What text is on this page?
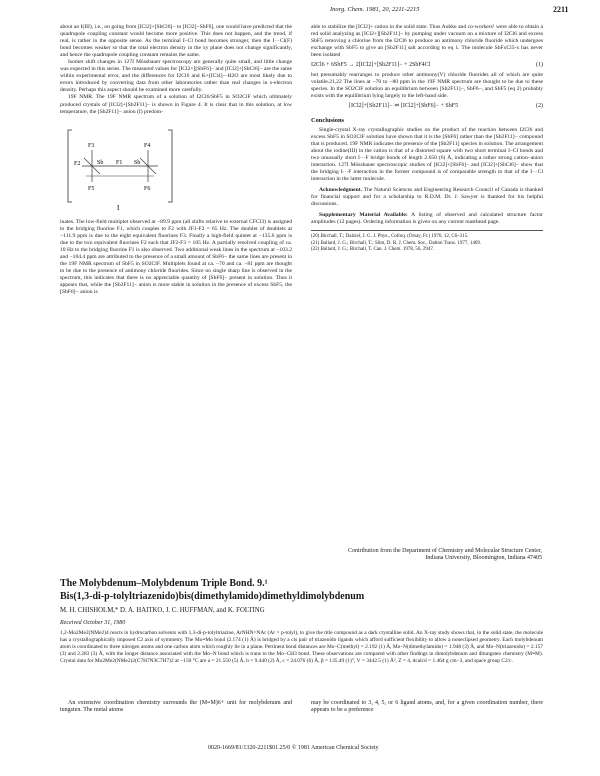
Inorg. Chem. 1981, 20, 2211-2215	2211

about an I(III), i.e., on going from [ICl2]+[SbCl6]− to [ICl2]−SbF6], one would have predicted that the quadrupole coupling constant would become more positive. This does not happen, and the trend, if real, is rather in the opposite sense. As the terminal I–Cl bond becomes stronger, then the I···Cl(F) bond becomes weaker so that the total electron density in the xy plane does not change significantly, and hence the quadrupole coupling constant remains the same.

Isomer shift changes in 127I Mössbauer spectroscopy are generally quite small, and little change was expected in this series. The measured values for [ICl2+][SbF6]− and [ICl2]+[SbCl6]− are the same within experimental error, and the differences for I2Cl6 and K+[ICl4]−·H2O are most likely due to errors introduced by converting data from other laboratories rather than real changes in s-electron density. Perhaps this aspect should be examined more carefully.

19F NMR. The 19F NMR spectrum of a solution of I2Cl6/SbF5 in SO2ClF which ultimately produced crystals of [ICl2]+[Sb2F11]− is shown in Figure 4. It is clear that in this solution, at low temperature, the [Sb2F11]− anion (I) predom-

F2	Sb F1 Sb
F3	F4
F5	F6
I

inates. The low-field multiplet observed at −89.9 ppm (all shifts relative to external CFCl3) is assigned to the bridging fluorine F1, which couples to F2 with JF1-F2 = 65 Hz. The doublet of doublets at −111.9 ppm is due to the eight equivalent fluorines F3. Finally a high-field quintet at −135.6 ppm is due to the two equivalent fluorines F2 such that JF2-F3 = 105 Hz. A partially resolved coupling of ca. 10 Hz to the bridging fluorine F1 is also observed. Two additional weak lines in the spectrum at −103.2 and −104.4 ppm are attributed to the presence of a small amount of SbF6− the same lines are present in the 19F NMR spectrum of SbF5 in SO2ClF. Multiplets found at ca. −70 and ca. −81 ppm are thought to be due to the presence of antimony chloride fluorides. Since no single sharp line is observed in the spectrum, this indicates that there is no appreciable quantity of [SbF6]− present in solution. Thus it appears that, while the [Sb2F11]− anion is more stable in solution in the presence of excess SbF5, the [SbF6]− anion is

able to stabilize the [ICl2]+ cation in the solid state. Thus Aubke and co-workers¹ were able to obtain a red solid analyzing as [ICl2+][Sb2F11]− by pumping under vacuum on a mixture of I2Cl6 and excess SbF5 removing a chlorine from the I2Cl6 to produce an antimony chloride fluoride which undergoes exchange with SbF5 to give an [Sb2F11] salt according to eq 1. The molecule SbFxCl5-x has never been isolated

I2Cl6 + 6SbF5 → 2[ICl2]+[Sb2F11]− + 2SbF4Cl	(1)

but presumably rearranges to produce other antimony(V) chloride fluorides all of which are quite volatile.21,22 The lines at −70 to −80 ppm in the 19F NMR spectrum are thought to be due to these species. In the SO2ClF solution an equilibrium between [Sb2F11]−, SbF6−, and SbF5 (eq 2) probably exists with the equilibrium lying largely to the left-hand side.

[ICl2]+[Sb2F11]− ⇌ [ICl2]+[SbF6]− + SbF5	(2)
Conclusions

Single-crystal X-ray crystallographic studies on the product of the reaction between I2Cl6 and excess SbF5 in SO2ClF solution have shown that it is the [SbF6] rather than the [Sb2F11]− compound that is produced. 19F NMR indicates the presence of the [Sb2F11] species in solution. The arrangement about the iodine(III) in the cation is that of a distorted square with two short terminal I–Cl bonds and two unusually short I···F bridge bonds of length 2.650 (6) Å, indicating a rather strong cation–anion interaction. 127I Mössbauer spectroscopic studies of [ICl2]+[SbF6]− and [ICl2]+[SbCl6]− show that the bridging I···F interaction in the former compound is of comparable strength to that of the I···Cl interaction in the latter molecule.

Acknowledgment. The Natural Sciences and Engineering Research Council of Canada is thanked for financial support and for a scholarship to R.D.M. Dr. J. Sawyer is thanked for his helpful discussions.

Supplementary Material Available: A listing of observed and calculated structure factor amplitudes (12 pages). Ordering information is given on any current masthead page.

(20) Birchall, T.; Dalziel, J. G. J. Phys., Colloq. (Orsay, Fr.) 1976, 12, C6–315.
(21) Ballard, J. G.; Birchall, T.; Slim, D. R. J. Chem. Soc., Dalton Trans. 1977, 1469.
(22) Ballard, J. G.; Birchall, T. Can. J. Chem. 1978, 56, 2947.
Contribution from the Department of Chemistry and Molecular Structure Center,
Indiana University, Bloomington, Indiana 47405
The Molybdenum–Molybdenum Triple Bond. 9.¹
Bis(1,3-di-p-tolyltriazenido)bis(dimethylamido)dimethyldimolybdenum
M. H. CHISHOLM,* D. A. HAITKO, J. C. HUFFMAN, and K. FOLTING
Received October 31, 1980
1,2-Mo2Me2(NMe2)4 reacts in hydrocarbon solvents with 1,3-di-p-tolyltriazine, ArNHN=NAr (Ar = p-tolyl), to give the title compound as a dark crystalline solid. An X-ray study shows that, in the solid state, the molecule has a crystallographically imposed C2 axis of symmetry. The Mo≡Mo bond (2.174 (1) Å) is bridged by a cis pair of triazenido ligands which afford sufficient flexibility to allow a noneclipsed geometry. Each molybdenum atom is coordinated to three nitrogen atoms and one carbon atom which roughly lie in a plane. Pertinent bond distances are Mo–C(methyl) = 2.192 (1) Å, Mo–N(dimethylamido) = 1.948 (3) Å, and Mo–N(triazenido) = 2.157 (3) and 2.283 (3) Å, with the longer distance associated with the Mo–N bond which is trans to the Mo–CH3 bond. These observations are compared with other findings in dimolybdenum and ditungsten chemistry (M≡M). Crystal data for Mo2Me2(NMe2)2(C7H7N3C7H7)2 at −150 °C are a = 21.550 (5) Å, b = 9.440 (2) Å, c = 24.076 (6) Å, β = 135.49 (1)°, V = 3442.5 (1) Å³, Z = 4, dcalcd = 1.464 g cm−3, and space group C2/c.
An extensive coordination chemistry surrounds the (M≡M)6+ unit for molybdenum and tungsten. The metal atoms
may be coordinated to 3, 4, 5, or 6 ligand atoms, and, for a given coordination number, there appears to be a preference
0020-1669/81/1320-2211$01.25/0 © 1981 American Chemical Society
